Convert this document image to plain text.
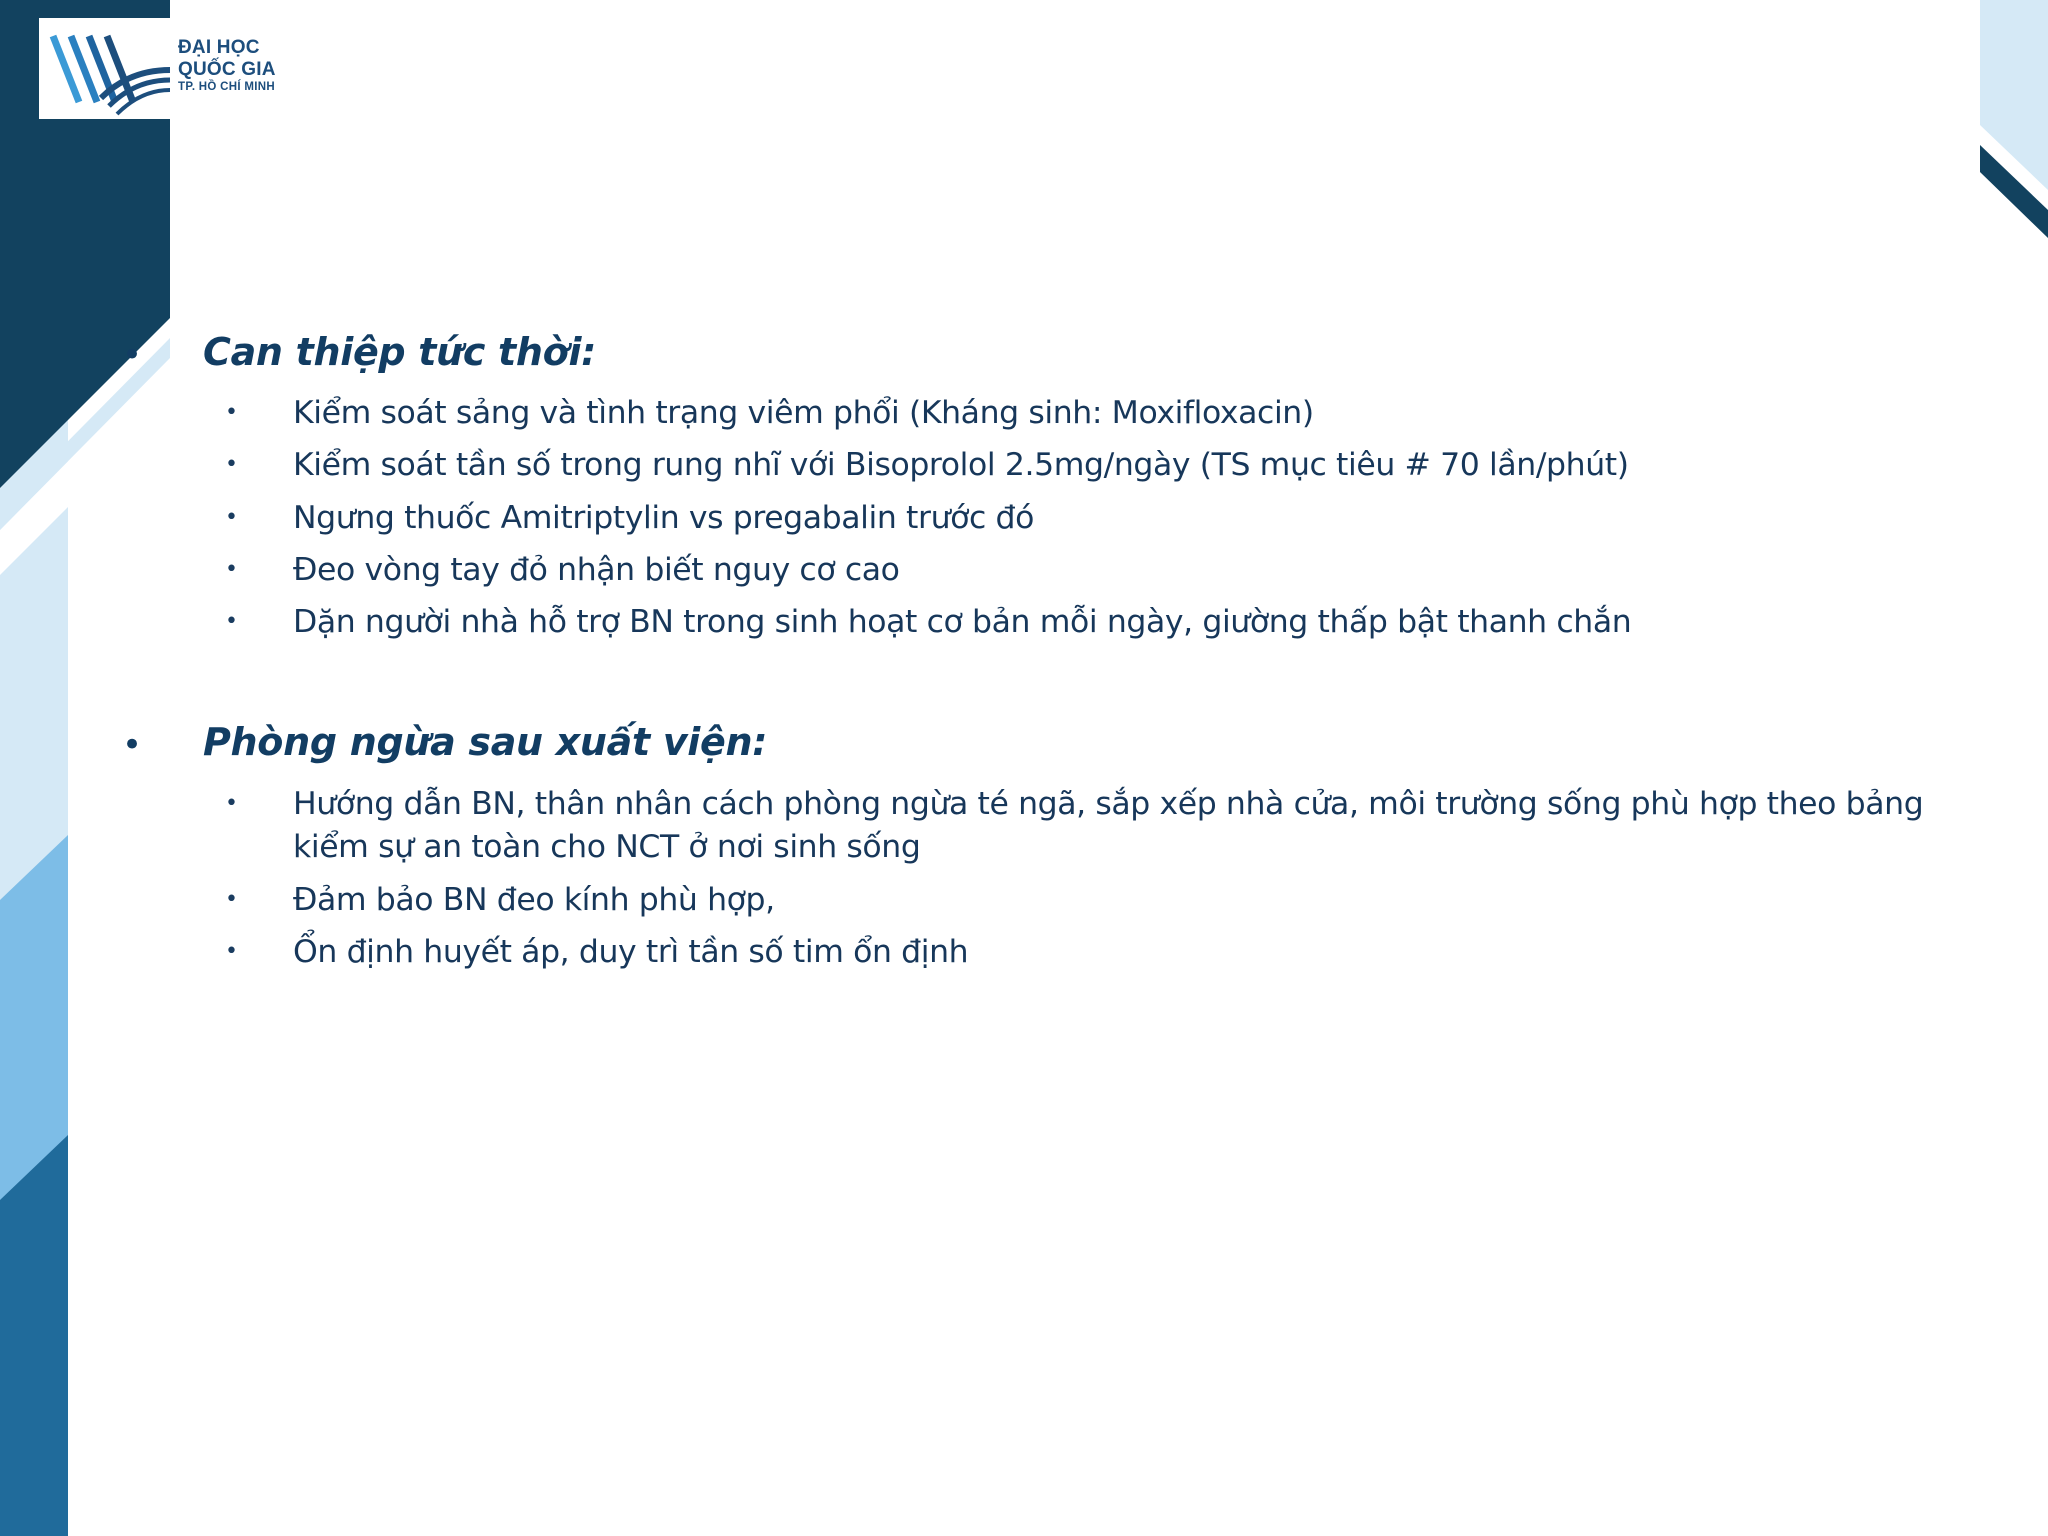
ĐẠI HỌC
QUỐC GIA
TP. HỒ CHÍ MINH
• Can thiệp tức thời:
• Kiểm soát sảng và tình trạng viêm phổi (Kháng sinh: Moxifloxacin)
• Kiểm soát tần số trong rung nhĩ với Bisoprolol 2.5mg/ngày (TS mục tiêu # 70 lần/phút)
• Ngưng thuốc Amitriptylin vs pregabalin trước đó
• Đeo vòng tay đỏ nhận biết nguy cơ cao
• Dặn người nhà hỗ trợ BN trong sinh hoạt cơ bản mỗi ngày, giường thấp bật thanh chắn
• Phòng ngừa sau xuất viện:
• Hướng dẫn BN, thân nhân cách phòng ngừa té ngã, sắp xếp nhà cửa, môi trường sống phù hợp theo bảng kiểm sự an toàn cho NCT ở nơi sinh sống
• Đảm bảo BN đeo kính phù hợp,
• Ổn định huyết áp, duy trì tần số tim ổn định
